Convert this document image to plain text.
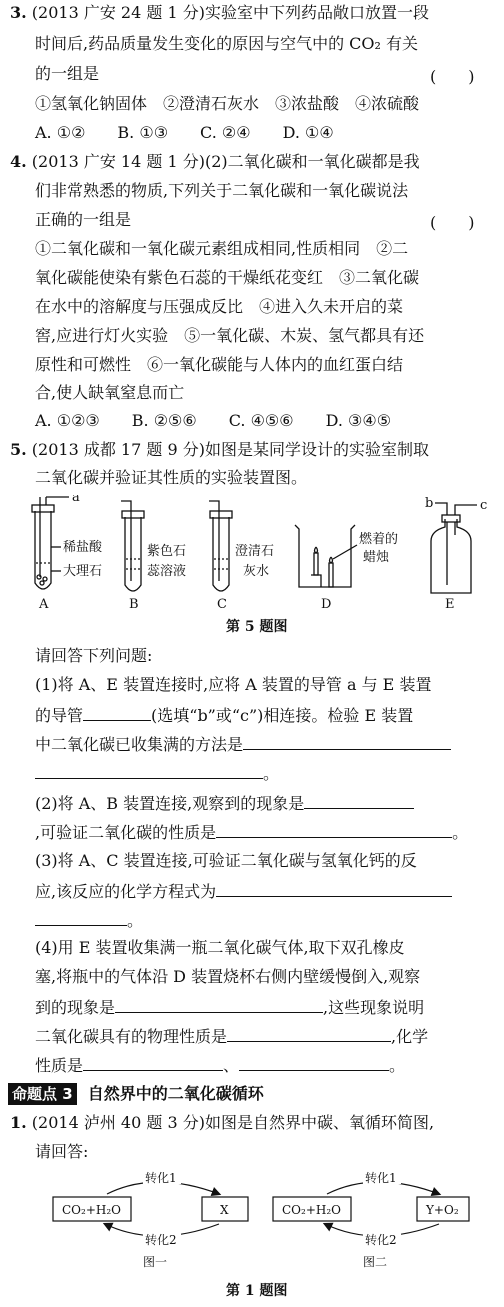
3. (2013 广安 24 题 1 分)实验室中下列药品敞口放置一段
时间后,药品质量发生变化的原因与空气中的 CO₂ 有关
的一组是	(　　)
①氢氧化钠固体　②澄清石灰水　③浓盐酸　④浓硫酸
A. ①②　　B. ①③　　C. ②④　　D. ①④
4. (2013 广安 14 题 1 分)(2)二氧化碳和一氧化碳都是我
们非常熟悉的物质,下列关于二氧化碳和一氧化碳说法
正确的一组是	(　　)
①二氧化碳和一氧化碳元素组成相同,性质相同　②二
氧化碳能使染有紫色石蕊的干燥纸花变红　③二氧化碳
在水中的溶解度与压强成反比　④进入久未开启的菜
窖,应进行灯火实验　⑤一氧化碳、木炭、氢气都具有还
原性和可燃性　⑥一氧化碳能与人体内的血红蛋白结
合,使人缺氧窒息而亡
A. ①②③　　B. ②⑤⑥　　C. ④⑤⑥　　D. ③④⑤
5. (2013 成都 17 题 9 分)如图是某同学设计的实验室制取
二氧化碳并验证其性质的实验装置图。
a
稀盐酸
大理石
紫色石
蕊溶液
澄清石
灰水
燃着的
蜡烛
b	c
A	B	C	D	E
第 5 题图
请回答下列问题:
(1)将 A、E 装置连接时,应将 A 装置的导管 a 与 E 装置
的导管	(选填“b”或“c”)相连接。检验 E 装置
中二氧化碳已收集满的方法是
。
(2)将 A、B 装置连接,观察到的现象是
,可验证二氧化碳的性质是	。
(3)将 A、C 装置连接,可验证二氧化碳与氢氧化钙的反
应,该反应的化学方程式为
。
(4)用 E 装置收集满一瓶二氧化碳气体,取下双孔橡皮
塞,将瓶中的气体沿 D 装置烧杯右侧内壁缓慢倒入,观察
到的现象是	,这些现象说明
二氧化碳具有的物理性质是	,化学
性质是	、	。
命题点 3 自然界中的二氧化碳循环
1. (2014 泸州 40 题 3 分)如图是自然界中碳、氧循环简图,
请回答:
转化1
CO₂+H₂O	X
转化2
图一
转化1
CO₂+H₂O	Y+O₂
转化2
图二
第 1 题图
